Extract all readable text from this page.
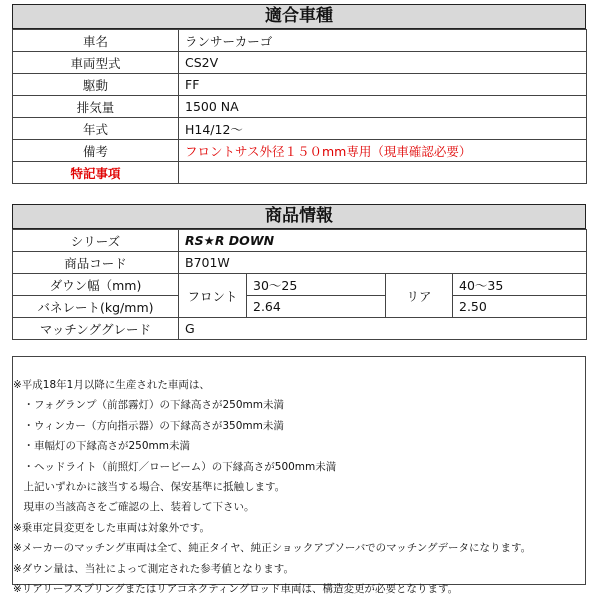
適合車種
車名	ランサーカーゴ
車両型式	CS2V
駆動	FF
排気量	1500 NA
年式	H14/12～
備考	フロントサス外径１５０mm専用（現車確認必要）
特記事項	
商品情報
シリーズ	RS★R DOWN			
商品コード	B701W			
ダウン幅（mm)	フロント	30～25	リア	40～35
バネレート(kg/mm)		2.64		2.50
マッチンググレード	G			
※平成18年1月以降に生産された車両は、
　・フォグランプ（前部霧灯）の下縁高さが250mm未満
　・ウィンカー（方向指示器）の下縁高さが350mm未満
　・車幅灯の下縁高さが250mm未満
　・ヘッドライト（前照灯／ロービーム）の下縁高さが500mm未満
　上記いずれかに該当する場合、保安基準に抵触します。
　現車の当該高さをご確認の上、装着して下さい。
※乗車定員変更をした車両は対象外です。
※メーカーのマッチング車両は全て、純正タイヤ、純正ショックアブソーバでのマッチングデータになります。
※ダウン量は、当社によって測定された参考値となります。
※リアリーフスプリングまたはリアコネクティングロッド車両は、構造変更が必要となります。
